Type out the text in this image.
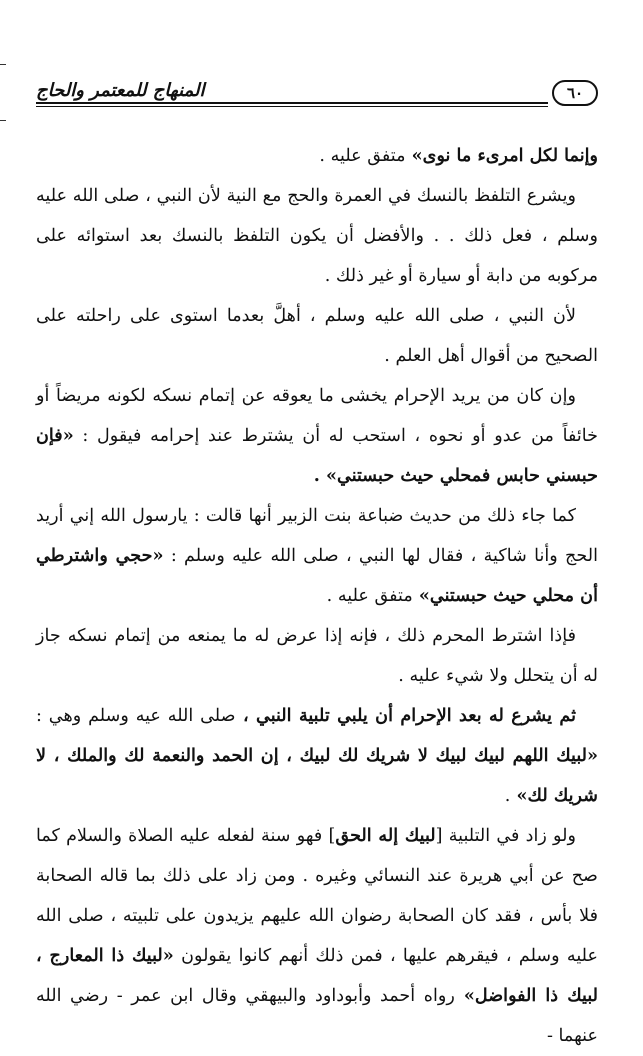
٦٠
المنهاج للمعتمر والحاج

وإنما لكل امرىء ما نوى» متفق عليه .

ويشرع التلفظ بالنسك في العمرة والحج مع النية لأن النبي ، صلى الله عليه وسلم ، فعل ذلك . . والأفضل أن يكون التلفظ بالنسك بعد استوائه على مركوبه من دابة أو سيارة أو غير ذلك .

لأن النبي ، صلى الله عليه وسلم ، أهلَّ بعدما استوى على راحلته على الصحيح من أقوال أهل العلم .

وإن كان من يريد الإحرام يخشى ما يعوقه عن إتمام نسكه لكونه مريضاً أو خائفاً من عدو أو نحوه ، استحب له أن يشترط عند إحرامه فيقول : «فإن حبسني حابس فمحلي حيث حبستني» .

كما جاء ذلك من حديث ضباعة بنت الزبير أنها قالت : يارسول الله إني أريد الحج وأنا شاكية ، فقال لها النبي ، صلى الله عليه وسلم : «حجي واشترطي أن محلي حيث حبستني» متفق عليه .

فإذا اشترط المحرم ذلك ، فإنه إذا عرض له ما يمنعه من إتمام نسكه جاز له أن يتحلل ولا شيء عليه .

ثم يشرع له بعد الإحرام أن يلبي تلبية النبي ، صلى الله عيه وسلم وهي : «لبيك اللهم لبيك لبيك لا شريك لك لبيك ، إن الحمد والنعمة لك والملك ، لا شريك لك» .

ولو زاد في التلبية [لبيك إله الحق] فهو سنة لفعله عليه الصلاة والسلام كما صح عن أبي هريرة عند النسائي وغيره . ومن زاد على ذلك بما قاله الصحابة فلا بأس ، فقد كان الصحابة رضوان الله عليهم يزيدون على تلبيته ، صلى الله عليه وسلم ، فيقرهم عليها ، فمن ذلك أنهم كانوا يقولون «لبيك ذا المعارج ، لبيك ذا الفواضل» رواه أحمد وأبوداود والبيهقي وقال ابن عمر - رضي الله عنهما -
